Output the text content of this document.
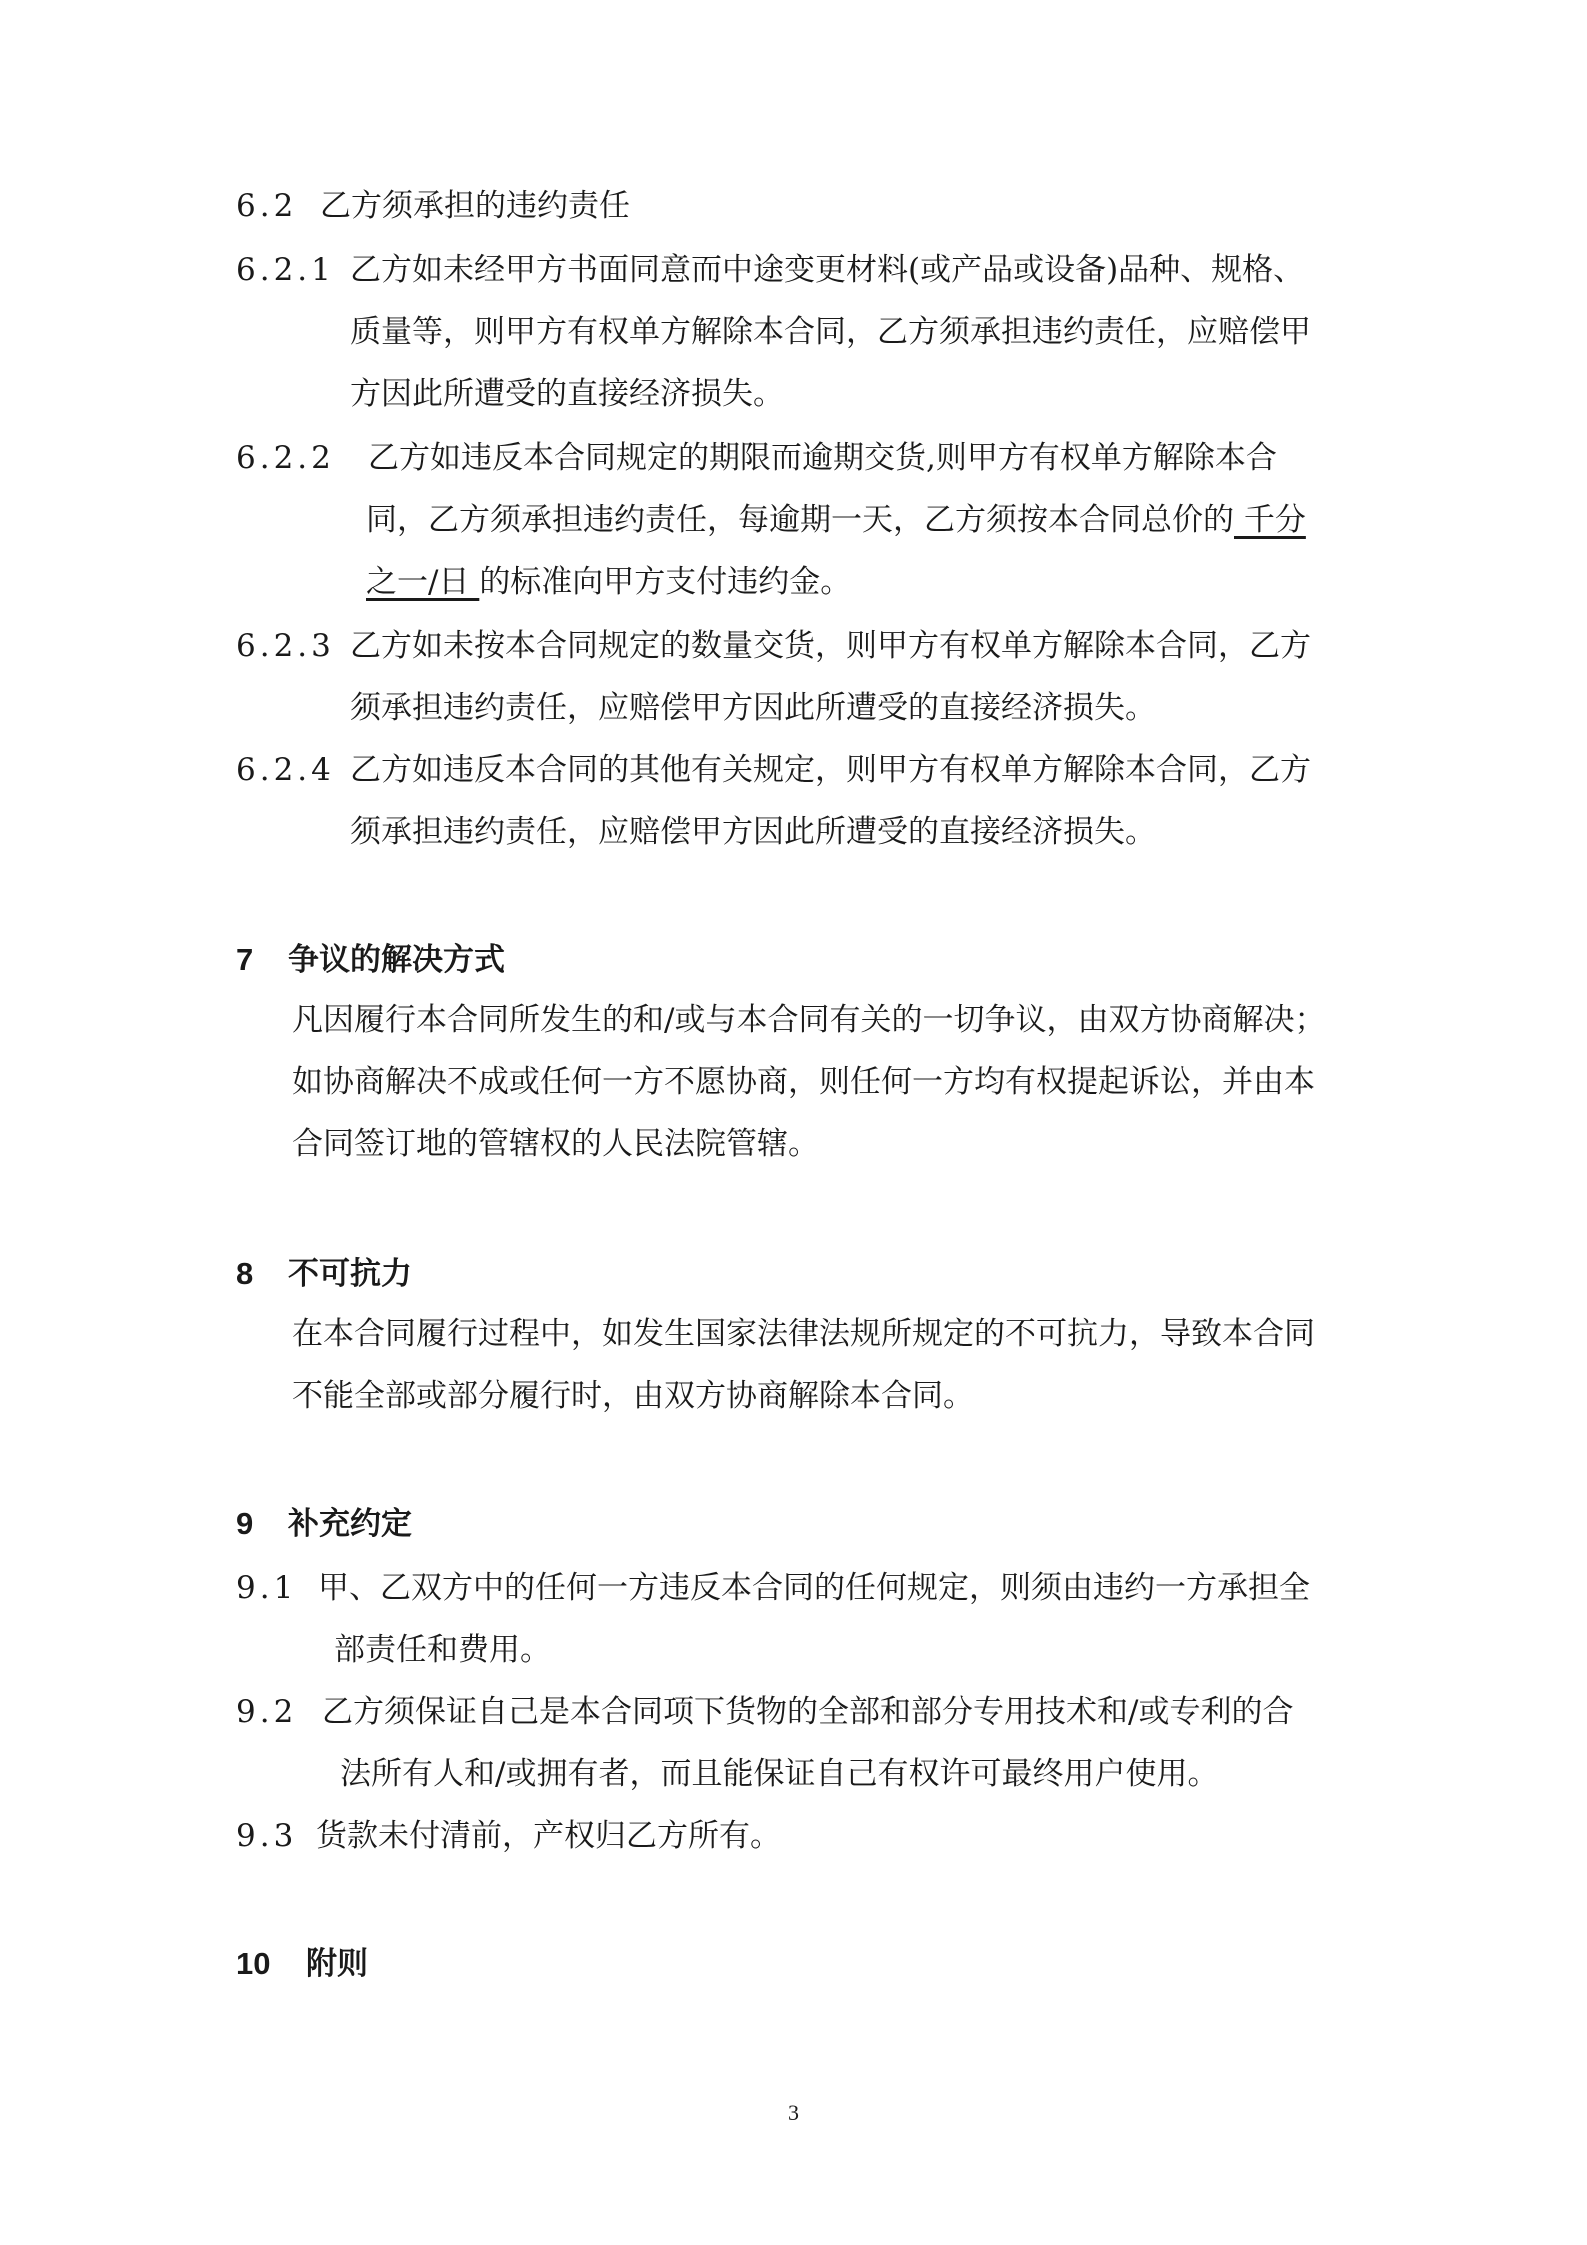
6.2 乙方须承担的违约责任
6.2.1 乙方如未经甲方书面同意而中途变更材料(或产品或设备)品种、规格、
质量等，则甲方有权单方解除本合同，乙方须承担违约责任，应赔偿甲
方因此所遭受的直接经济损失。
6.2.2 乙方如违反本合同规定的期限而逾期交货,则甲方有权单方解除本合
同，乙方须承担违约责任，每逾期一天，乙方须按本合同总价的 千分
之一/日 的标准向甲方支付违约金。
6.2.3 乙方如未按本合同规定的数量交货，则甲方有权单方解除本合同，乙方
须承担违约责任，应赔偿甲方因此所遭受的直接经济损失。
6.2.4 乙方如违反本合同的其他有关规定，则甲方有权单方解除本合同，乙方
须承担违约责任，应赔偿甲方因此所遭受的直接经济损失。
7 争议的解决方式
凡因履行本合同所发生的和/或与本合同有关的一切争议，由双方协商解决；
如协商解决不成或任何一方不愿协商，则任何一方均有权提起诉讼，并由本
合同签订地的管辖权的人民法院管辖。
8 不可抗力
在本合同履行过程中，如发生国家法律法规所规定的不可抗力，导致本合同
不能全部或部分履行时，由双方协商解除本合同。
9 补充约定
9.1 甲、乙双方中的任何一方违反本合同的任何规定，则须由违约一方承担全
部责任和费用。
9.2 乙方须保证自己是本合同项下货物的全部和部分专用技术和/或专利的合
法所有人和/或拥有者，而且能保证自己有权许可最终用户使用。
9.3 货款未付清前，产权归乙方所有。
10 附则
3
